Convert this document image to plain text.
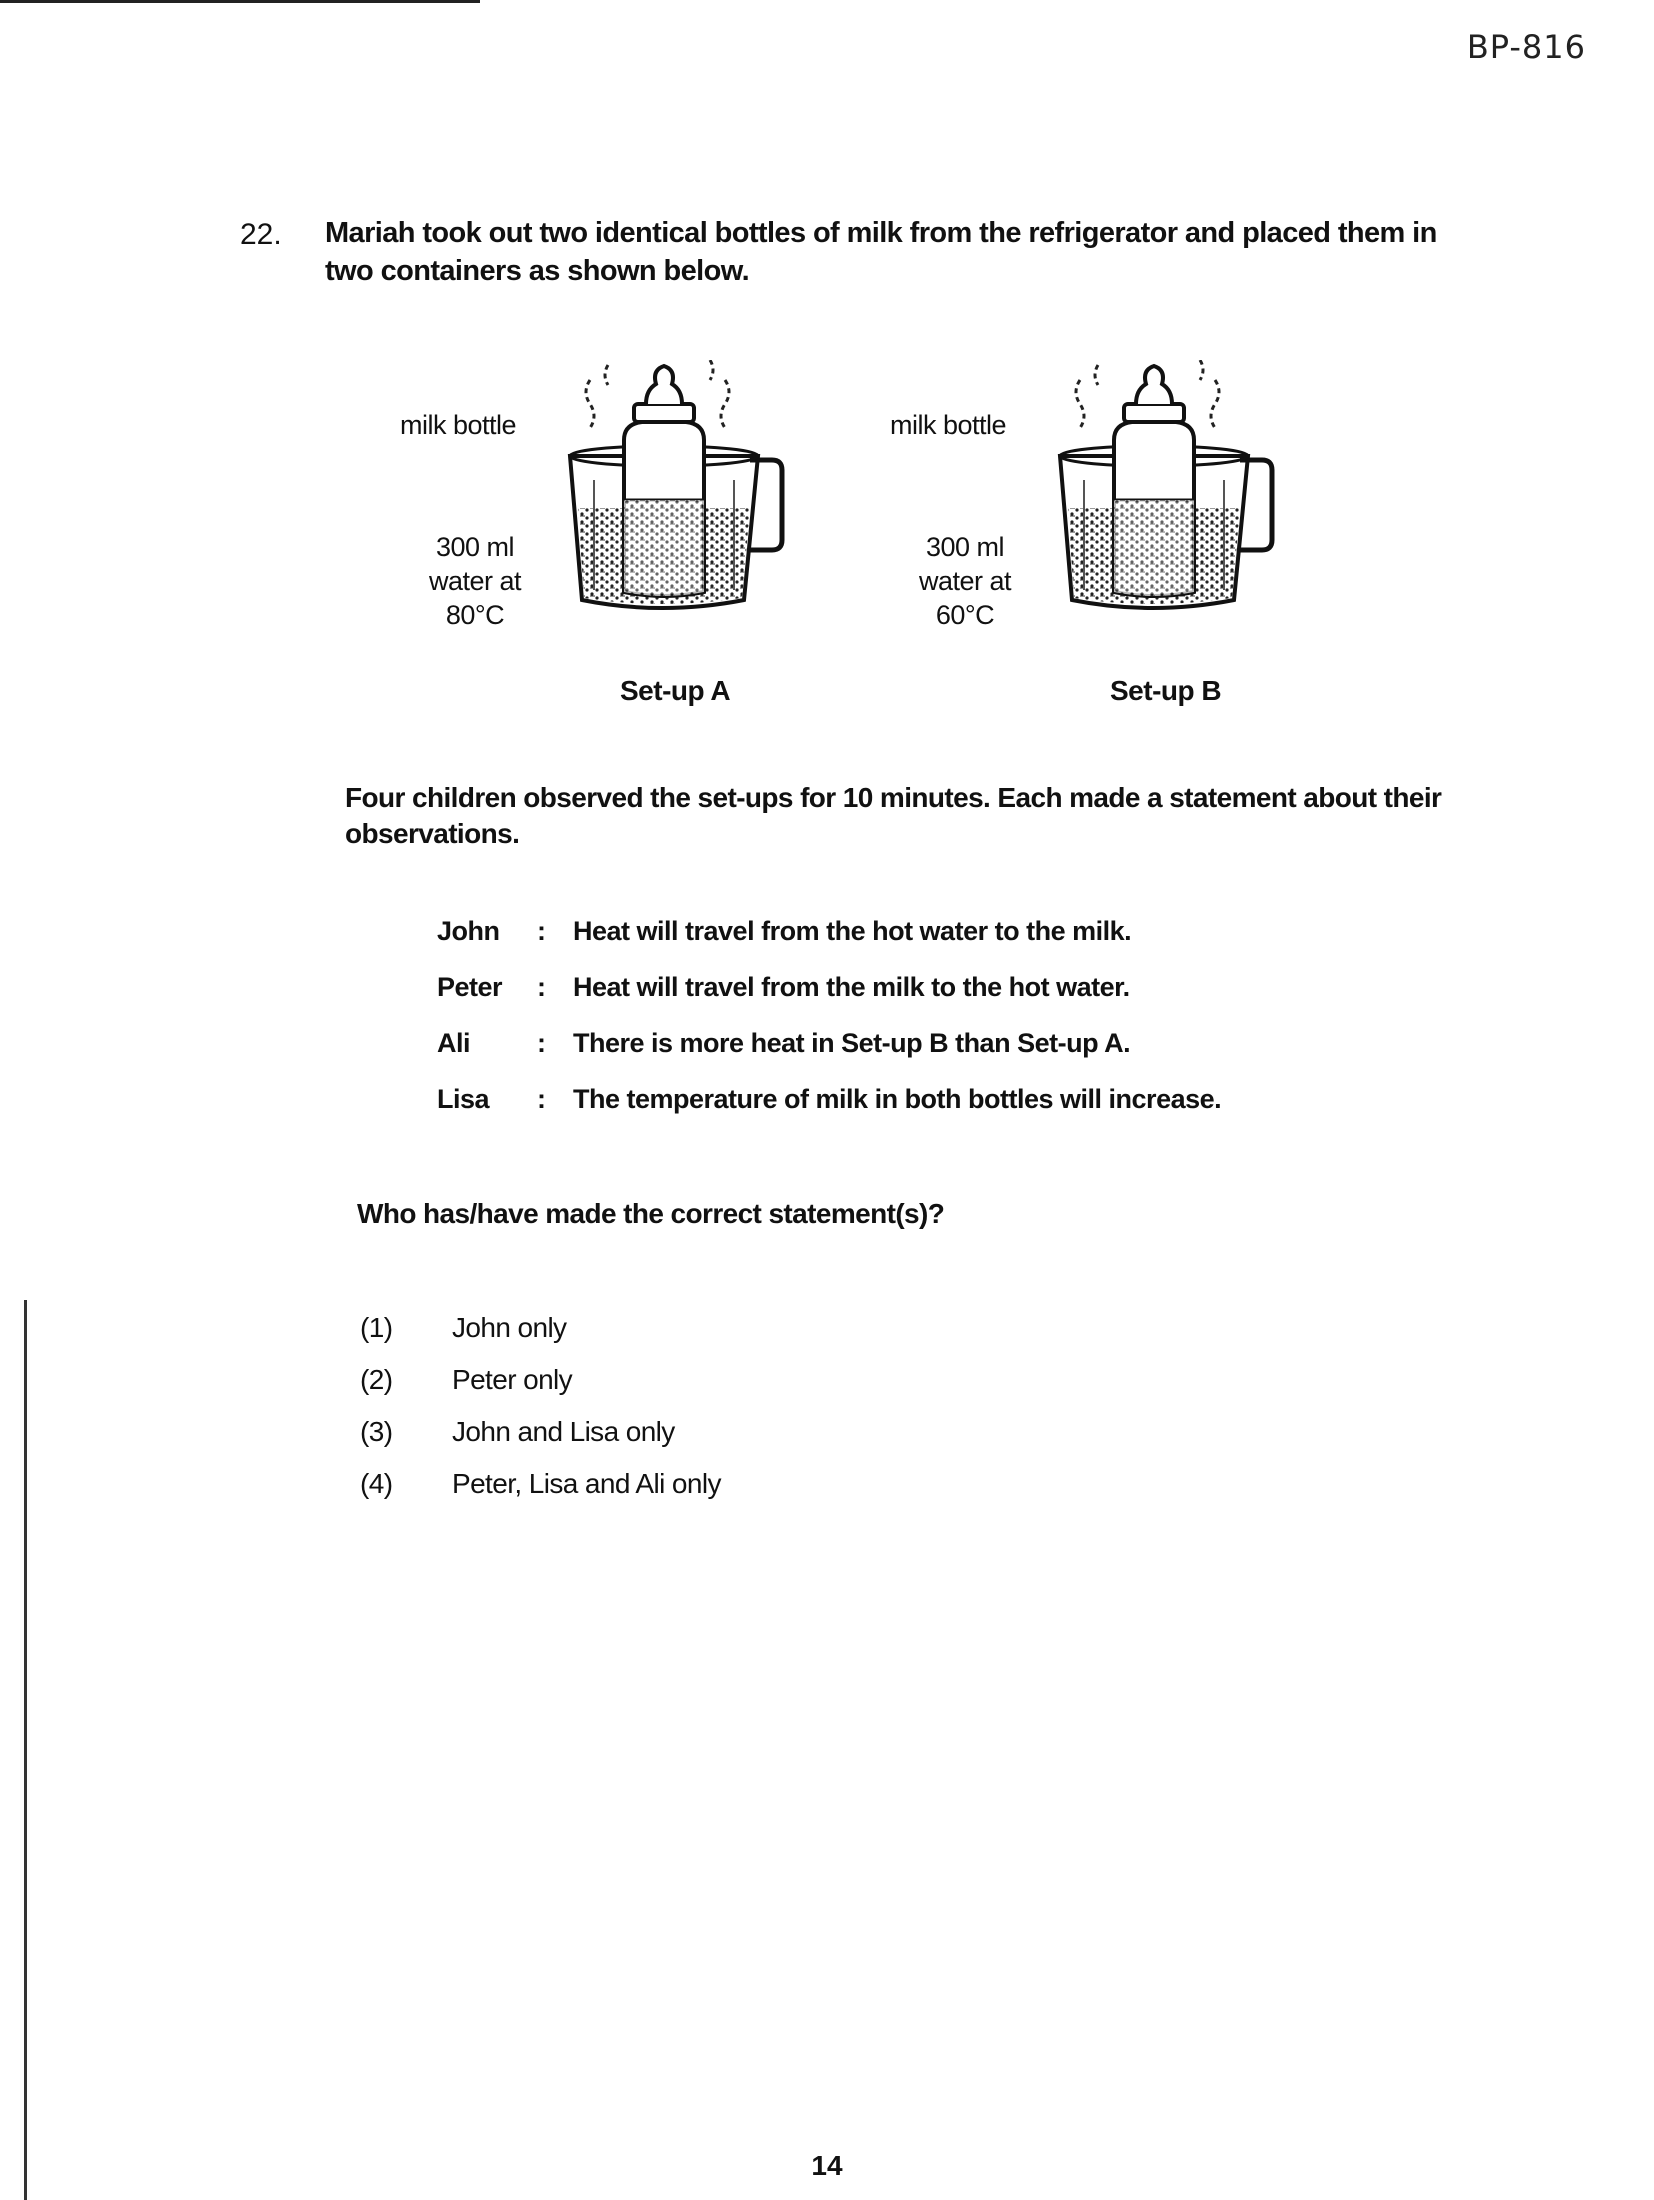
BP-816
22. Mariah took out two identical bottles of milk from the refrigerator and placed them in two containers as shown below.
milk bottle
300 ml
water at
80°C
Set-up A
milk bottle
300 ml
water at
60°C
Set-up B
Four children observed the set-ups for 10 minutes. Each made a statement about their observations.
John	:	Heat will travel from the hot water to the milk.
Peter	:	Heat will travel from the milk to the hot water.
Ali	:	There is more heat in Set-up B than Set-up A.
Lisa	:	The temperature of milk in both bottles will increase.
Who has/have made the correct statement(s)?
(1)	John only
(2)	Peter only
(3)	John and Lisa only
(4)	Peter, Lisa and Ali only
14
